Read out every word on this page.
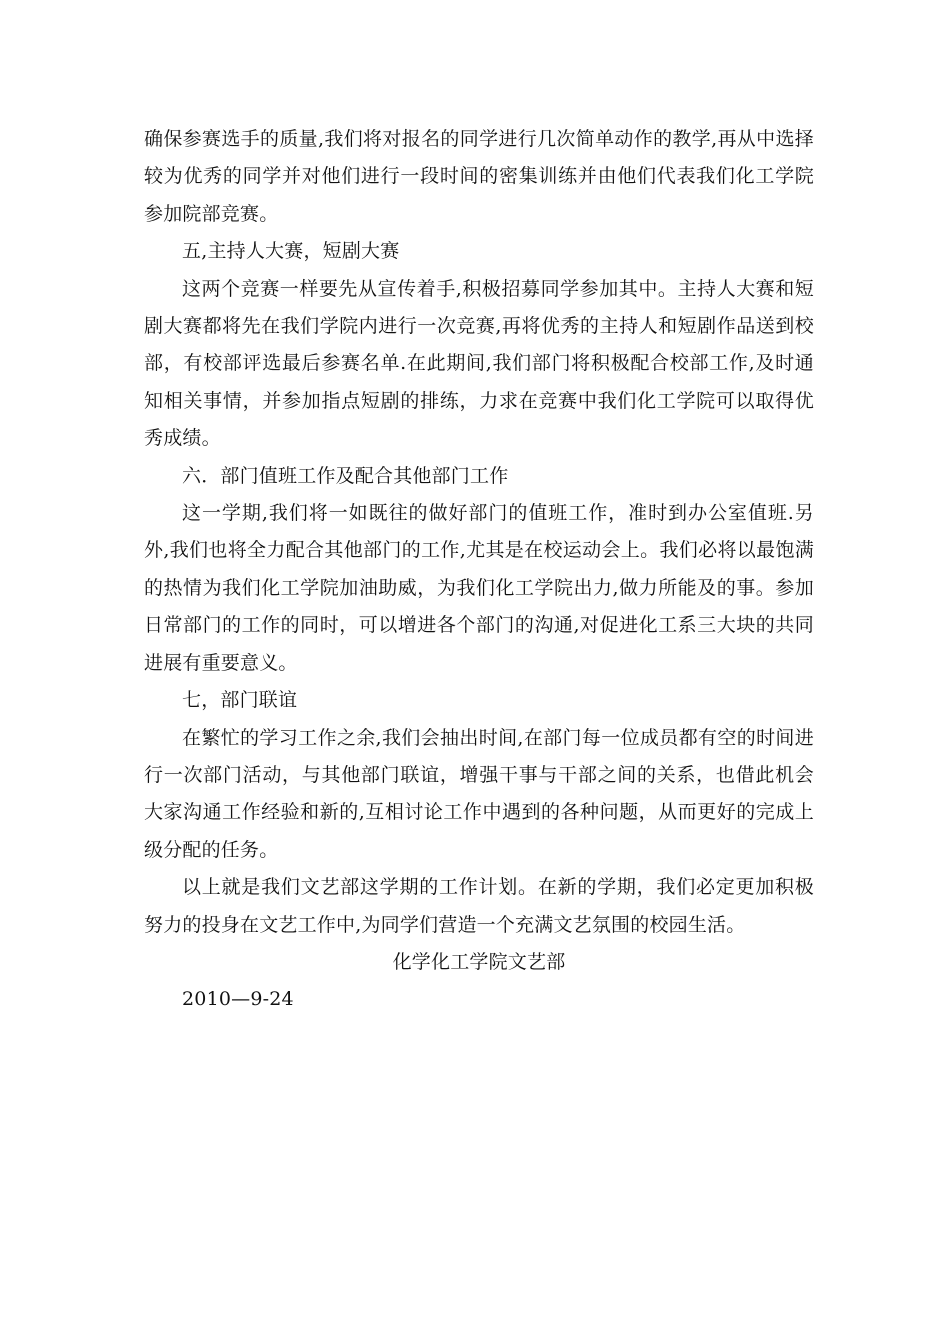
确保参赛选手的质量,我们将对报名的同学进行几次简单动作的教学,再从中选择较为优秀的同学并对他们进行一段时间的密集训练并由他们代表我们化工学院参加院部竞赛。

五,主持人大赛，短剧大赛

这两个竞赛一样要先从宣传着手,积极招募同学参加其中。主持人大赛和短剧大赛都将先在我们学院内进行一次竞赛,再将优秀的主持人和短剧作品送到校部，有校部评选最后参赛名单.在此期间,我们部门将积极配合校部工作,及时通知相关事情，并参加指点短剧的排练，力求在竞赛中我们化工学院可以取得优秀成绩。

六．部门值班工作及配合其他部门工作

这一学期,我们将一如既往的做好部门的值班工作，准时到办公室值班.另外,我们也将全力配合其他部门的工作,尤其是在校运动会上。我们必将以最饱满的热情为我们化工学院加油助威，为我们化工学院出力,做力所能及的事。参加日常部门的工作的同时，可以增进各个部门的沟通,对促进化工系三大块的共同进展有重要意义。

七，部门联谊

在繁忙的学习工作之余,我们会抽出时间,在部门每一位成员都有空的时间进行一次部门活动，与其他部门联谊，增强干事与干部之间的关系，也借此机会大家沟通工作经验和新的,互相讨论工作中遇到的各种问题，从而更好的完成上级分配的任务。

以上就是我们文艺部这学期的工作计划。在新的学期，我们必定更加积极努力的投身在文艺工作中,为同学们营造一个充满文艺氛围的校园生活。

化学化工学院文艺部

2010—9-24
